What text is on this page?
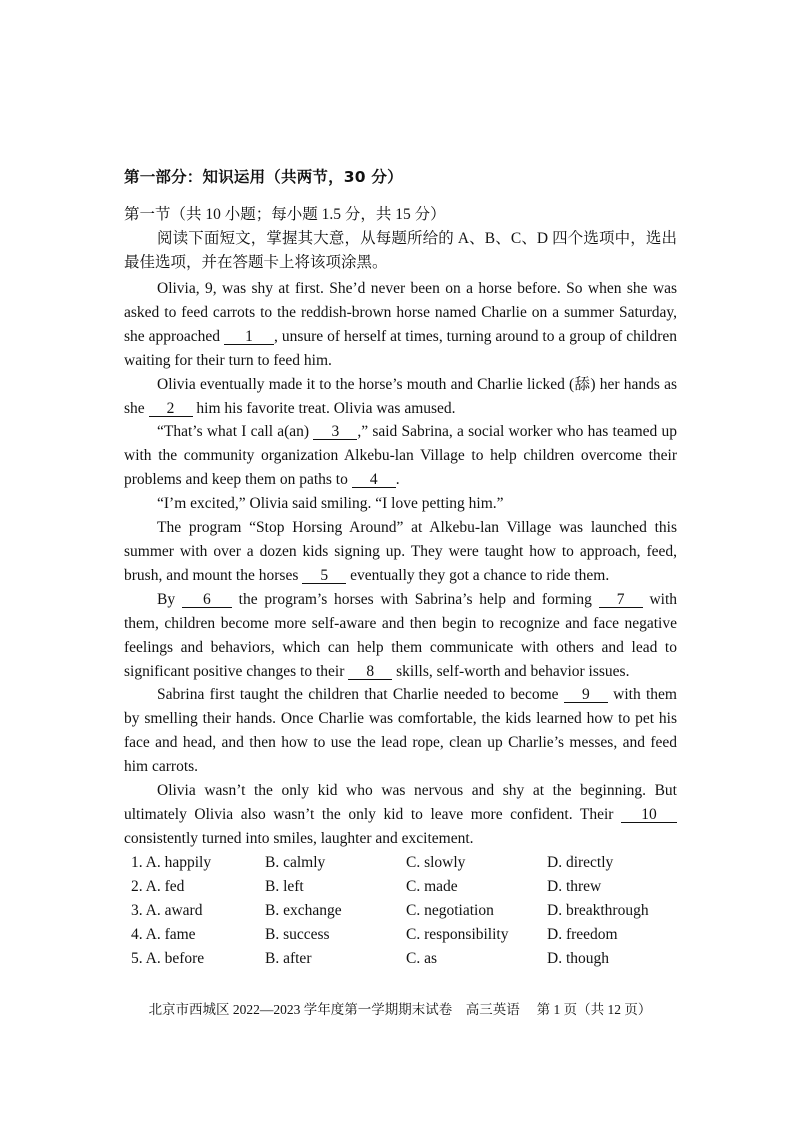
第一部分：知识运用（共两节，30 分）
第一节（共 10 小题；每小题 1.5 分，共 15 分）

阅读下面短文，掌握其大意，从每题所给的 A、B、C、D 四个选项中，选出最佳选项，并在答题卡上将该项涂黑。

Olivia, 9, was shy at first. She’d never been on a horse before. So when she was asked to feed carrots to the reddish-brown horse named Charlie on a summer Saturday, she approached 1 , unsure of herself at times, turning around to a group of children waiting for their turn to feed him.

Olivia eventually made it to the horse’s mouth and Charlie licked (舔) her hands as she 2 him his favorite treat. Olivia was amused.

“That’s what I call a(an) 3 ,” said Sabrina, a social worker who has teamed up with the community organization Alkebu-lan Village to help children overcome their problems and keep them on paths to 4 .

“I’m excited,” Olivia said smiling. “I love petting him.”

The program “Stop Horsing Around” at Alkebu-lan Village was launched this summer with over a dozen kids signing up. They were taught how to approach, feed, brush, and mount the horses 5 eventually they got a chance to ride them.

By 6 the program’s horses with Sabrina’s help and forming 7 with them, children become more self-aware and then begin to recognize and face negative feelings and behaviors, which can help them communicate with others and lead to significant positive changes to their 8 skills, self-worth and behavior issues.

Sabrina first taught the children that Charlie needed to become 9 with them by smelling their hands. Once Charlie was comfortable, the kids learned how to pet his face and head, and then how to use the lead rope, clean up Charlie’s messes, and feed him carrots.

Olivia wasn’t the only kid who was nervous and shy at the beginning. But ultimately Olivia also wasn’t the only kid to leave more confident. Their 10 consistently turned into smiles, laughter and excitement.

1. A. happily	B. calmly	C. slowly	D. directly
2. A. fed	B. left	C. made	D. threw
3. A. award	B. exchange	C. negotiation	D. breakthrough
4. A. fame	B. success	C. responsibility D. freedom
5. A. before	B. after	C. as	D. though
北京市西城区 2022—2023 学年度第一学期期末试卷　高三英语　 第 1 页（共 12 页）
